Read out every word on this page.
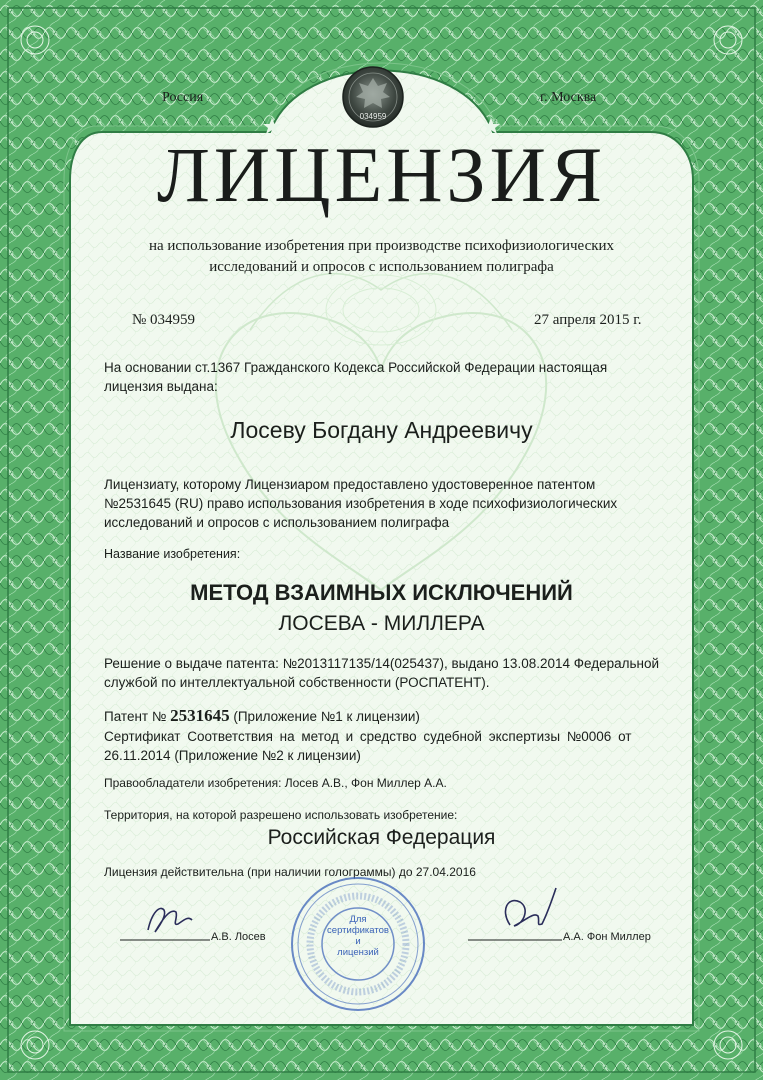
Россия	г. Москва
034959
ЛИЦЕНЗИЯ
на использование изобретения при производстве психофизиологических
исследований и опросов с использованием полиграфа
№ 034959	27 апреля 2015 г.
На основании ст.1367 Гражданского Кодекса Российской Федерации настоящая
лицензия выдана:
Лосеву Богдану Андреевичу
Лицензиату, которому Лицензиаром предоставлено удостоверенное патентом
№2531645 (RU) право использования изобретения в ходе психофизиологических
исследований и опросов с использованием полиграфа
Название изобретения:
МЕТОД ВЗАИМНЫХ ИСКЛЮЧЕНИЙ
ЛОСЕВА - МИЛЛЕРА
Решение о выдаче патента: №2013117135/14(025437), выдано 13.08.2014 Федеральной
службой по интеллектуальной собственности (РОСПАТЕНТ).
Патент № 2531645 (Приложение №1 к лицензии)
Сертификат Соответствия на метод и средство судебной экспертизы №0006 от
26.11.2014 (Приложение №2 к лицензии)
Правообладатели изобретения: Лосев А.В., Фон Миллер А.А.
Территория, на которой разрешено использовать изобретение:
Российская Федерация
Лицензия действительна (при наличии голограммы) до 27.04.2016
А.В. Лосев	А.А. Фон Миллер
Для
сертификатов
и
лицензий
